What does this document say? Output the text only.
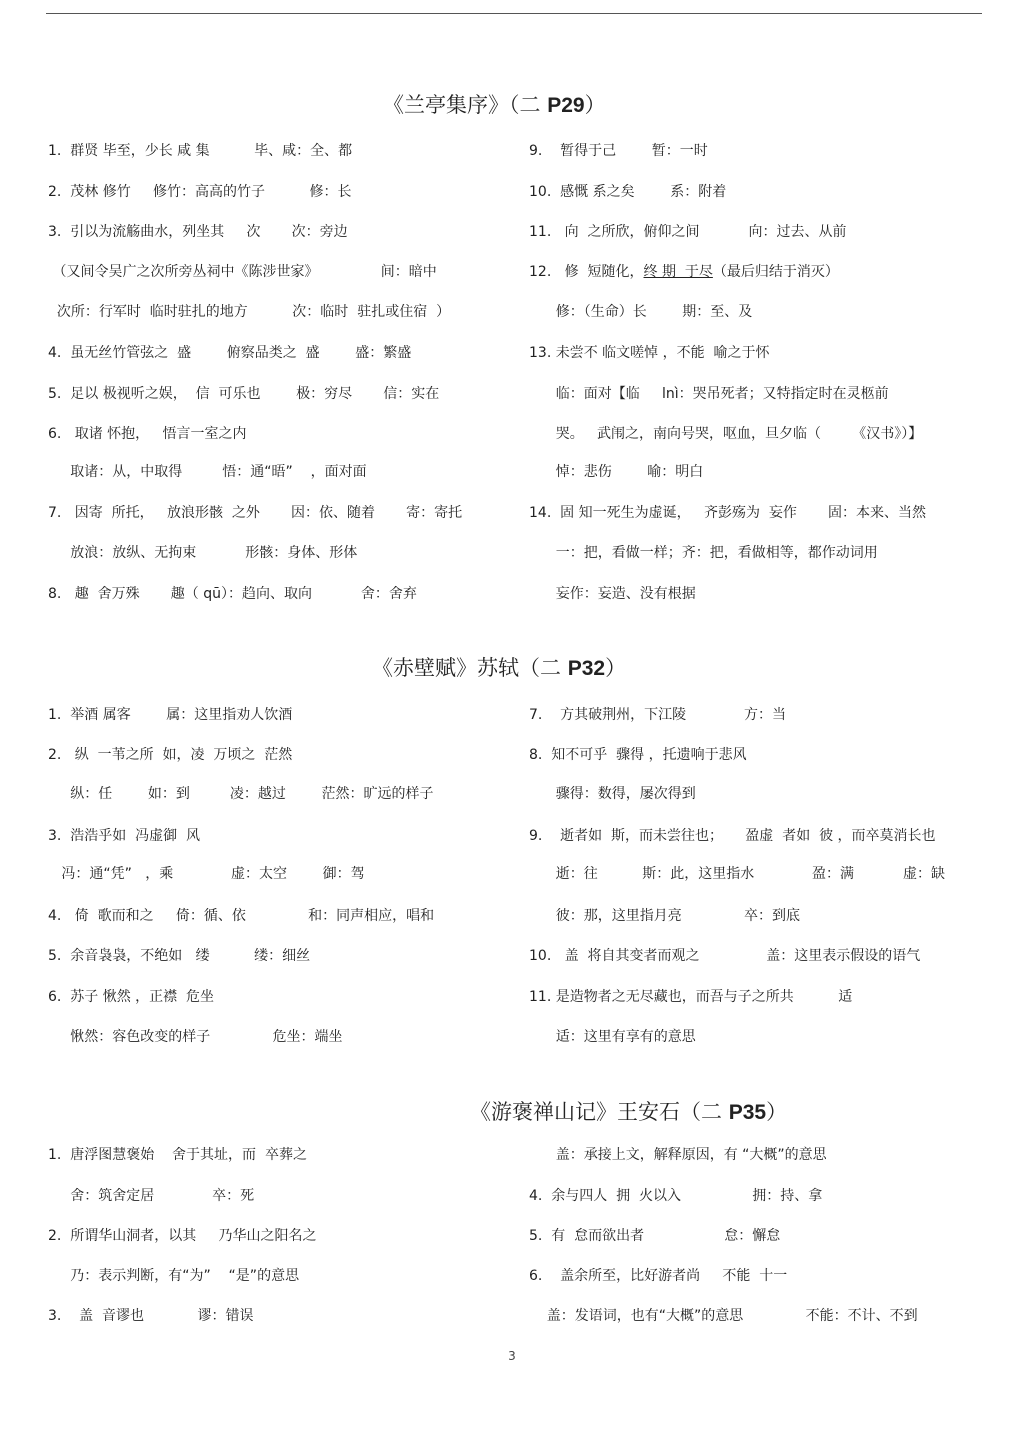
《兰亭集序》（二 P29）
1.  群贤 毕至，少长 咸 集          毕、咸：全、都
2.  茂林 修竹     修竹：高高的竹子          修：长
3.  引以为流觞曲水，列坐其     次       次：旁边
（又间令吴广之次所旁丛祠中《陈涉世家》              间：暗中
次所：行军时  临时驻扎的地方          次：临时  驻扎或住宿  ）
4.  虽无丝竹管弦之  盛        俯察品类之  盛        盛：繁盛
5.  足以 极视听之娱，  信  可乐也        极：穷尽       信：实在
6.   取诸 怀抱，   悟言一室之内
取诸：从，中取得         悟：通“晤”    ，面对面
7.   因寄  所托，   放浪形骸  之外       因：依、随着       寄：寄托
放浪：放纵、无拘束           形骸：身体、形体
8.   趣  舍万殊       趣（ qū）：趋向、取向           舍：舍弃
9.    暂得于己        暂：一时
10.  感慨 系之矣        系：附着
11.   向  之所欣，俯仰之间           向：过去、从前
12.   修  短随化，终 期  于尽（最后归结于消灭）
修：（生命）长        期：至、及
13. 未尝不 临文嗟悼 ，不能  喻之于怀
临：面对【临     lnì：哭吊死者；又特指定时在灵柩前
哭。   武闱之，南向号哭，呕血，旦夕临（       《汉书》）】
悼：悲伤        喻：明白
14.  固 知一死生为虚诞，   齐彭殇为  妄作       固：本来、当然
一：把，看做一样；齐：把，看做相等，都作动词用
妄作：妄造、没有根据
《赤壁赋》苏轼（二 P32）
1.  举酒 属客        属：这里指劝人饮酒
2.   纵  一苇之所  如，凌  万顷之  茫然
纵：任        如：到         凌：越过        茫然：旷远的样子
3.  浩浩乎如  冯虚御  风
冯：通“凭”   ，乘             虚：太空        御：驾
4.   倚  歌而和之     倚：循、依              和：同声相应，唱和
5.  余音袅袅，不绝如   缕          缕：细丝
6.  苏子 愀然 ，正襟  危坐
愀然：容色改变的样子              危坐：端坐
7.    方其破荆州，下江陵             方：当
8.  知不可乎  骤得 ，托遗响于悲风
骤得：数得，屡次得到
9.    逝者如  斯，而未尝往也；     盈虚  者如  彼 ，而卒莫消长也
逝：往          斯：此，这里指水             盈：满           虚：缺
彼：那，这里指月亮              卒：到底
10.   盖  将自其变者而观之               盖：这里表示假设的语气
11. 是造物者之无尽藏也，而吾与子之所共          适
适：这里有享有的意思
《游褒禅山记》王安石（二 P35）
1.  唐浮图慧褒始    舍于其址，而  卒葬之
舍：筑舍定居             卒：死
2.  所谓华山洞者，以其     乃华山之阳名之
乃：表示判断，有“为”    “是”的意思
3.    盖  音谬也            谬：错误
盖：承接上文，解释原因，有 “大概”的意思
4.  余与四人  拥  火以入                拥：持、拿
5.  有  怠而欲出者                  怠：懈怠
6.    盖余所至，比好游者尚     不能  十一
盖：发语词，也有“大概”的意思              不能：不计、不到
3
